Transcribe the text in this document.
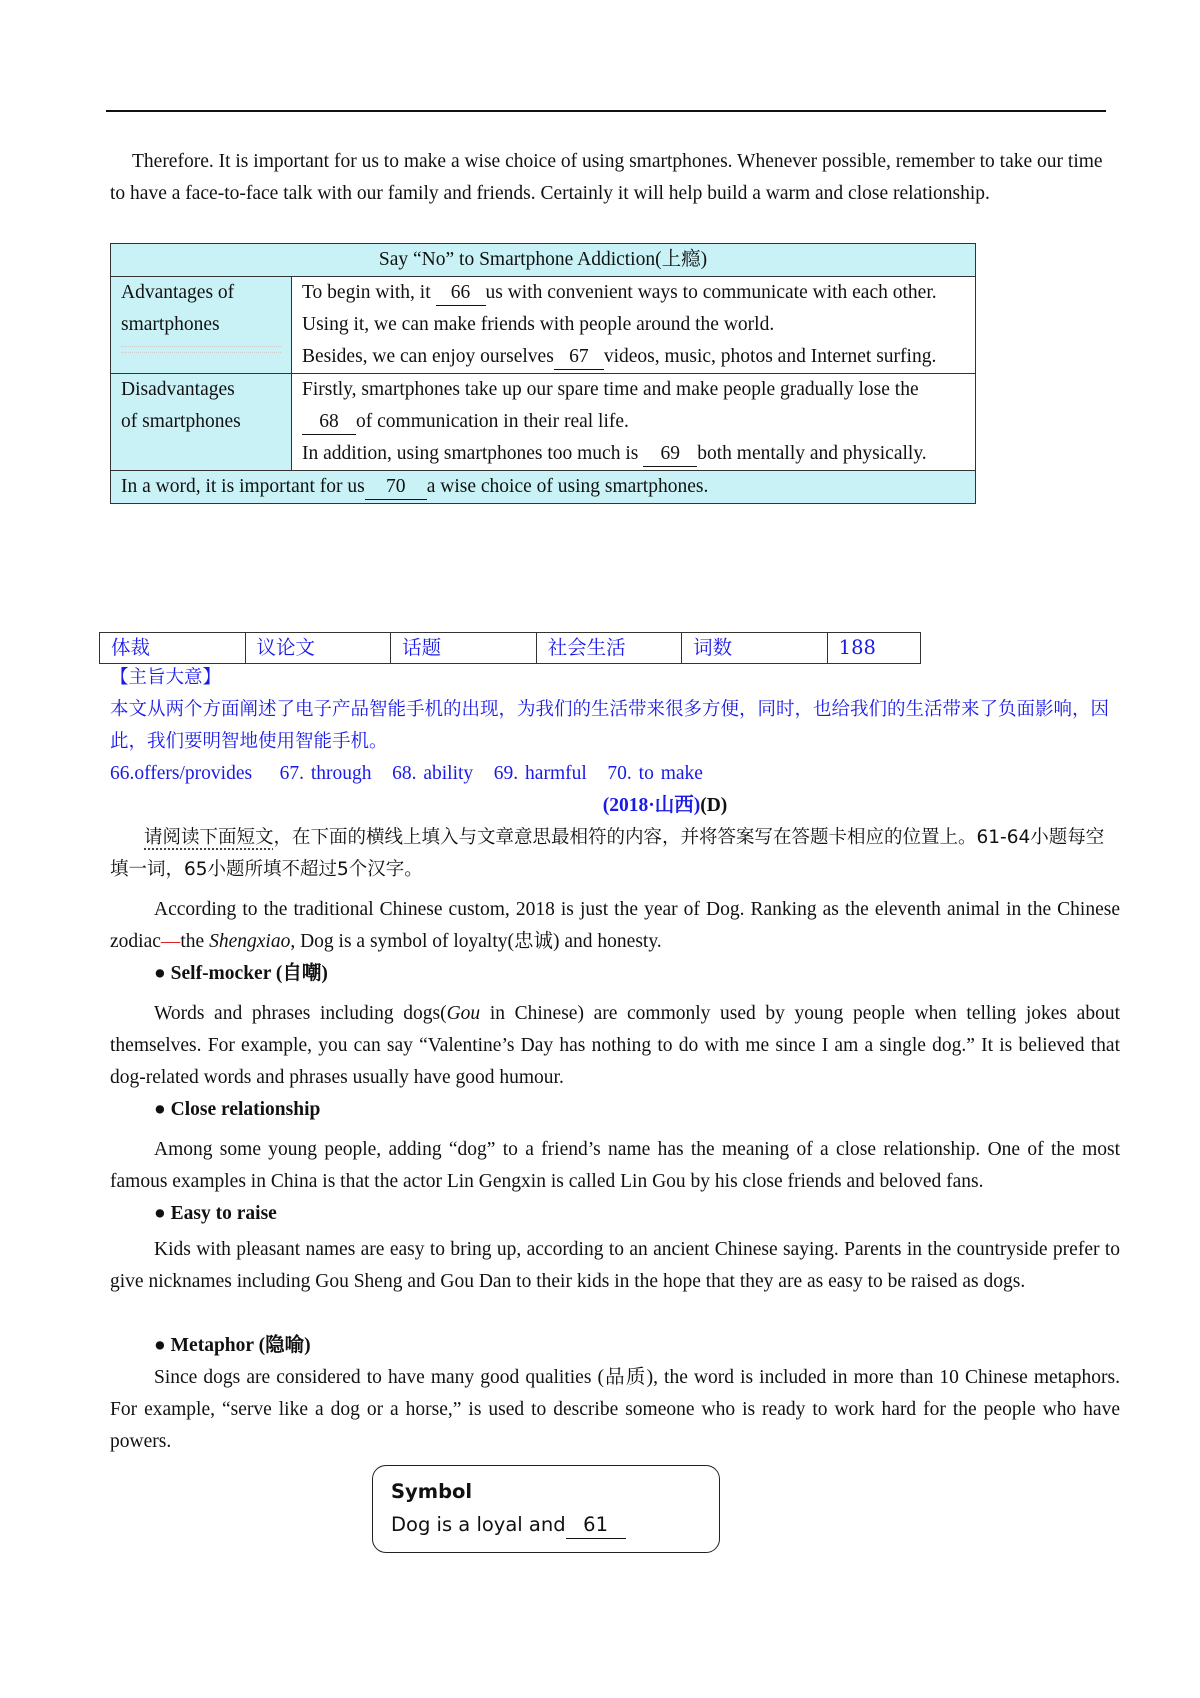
Therefore. It is important for us to make a wise choice of using smartphones. Whenever possible, remember to take our time to have a face-to-face talk with our family and friends. Certainly it will help build a warm and close relationship.

Say “No” to Smartphone Addiction(上瘾)	
Advantages of
smartphones	To begin with, it 66 us with convenient ways to communicate with each other.
Using it, we can make friends with people around the world.
Besides, we can enjoy ourselves 67 videos, music, photos and Internet surfing.
Disadvantages
of smartphones	Firstly, smartphones take up our spare time and make people gradually lose the 68 of communication in their real life.
In addition, using smartphones too much is 69 both mentally and physically.
In a word, it is important for us 70 a wise choice of using smartphones.	
体裁	议论文	话题	社会生活	词数	188

【主旨大意】

本文从两个方面阐述了电子产品智能手机的出现，为我们的生活带来很多方便，同时，也给我们的生活带来了负面影响，因此，我们要明智地使用智能手机。

66.offers/provides    67. through   68. ability   69. harmful   70. to make

(2018·山西)(D)

请阅读下面短文，在下面的横线上填入与文章意思最相符的内容，并将答案写在答题卡相应的位置上。61-64小题每空填一词，65小题所填不超过5个汉字。

According to the traditional Chinese custom, 2018 is just the year of Dog. Ranking as the eleventh animal in the Chinese zodiac—the Shengxiao, Dog is a symbol of loyalty(忠诚) and honesty.

● Self-mocker (自嘲)

Words and phrases including dogs(Gou in Chinese) are commonly used by young people when telling jokes about themselves. For example, you can say “Valentine’s Day has nothing to do with me since I am a single dog.” It is believed that dog-related words and phrases usually have good humour.

● Close relationship

Among some young people, adding “dog” to a friend’s name has the meaning of a close relationship. One of the most famous examples in China is that the actor Lin Gengxin is called Lin Gou by his close friends and beloved fans.

● Easy to raise

Kids with pleasant names are easy to bring up, according to an ancient Chinese saying. Parents in the countryside prefer to give nicknames including Gou Sheng and Gou Dan to their kids in the hope that they are as easy to be raised as dogs.

● Metaphor (隐喻)

Since dogs are considered to have many good qualities (品质), the word is included in more than 10 Chinese metaphors. For example, “serve like a dog or a horse,” is used to describe someone who is ready to work hard for the people who have powers.

Symbol
Dog is a loyal and 61
